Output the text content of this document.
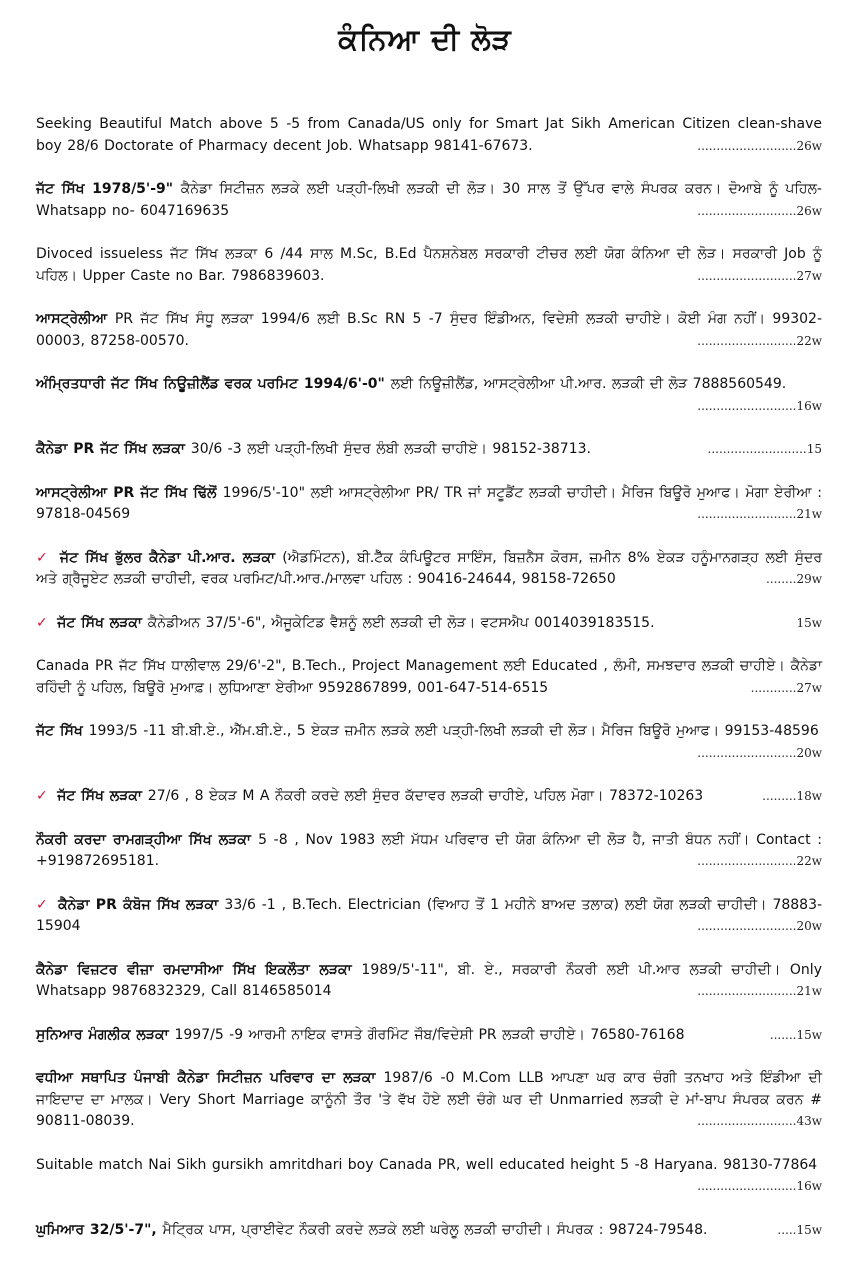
ਕੰਨਿਆ ਦੀ ਲੋੜ
Seeking Beautiful Match above 5 -5 from Canada/US only for Smart Jat Sikh American Citizen clean-shave boy 28/6 Doctorate of Pharmacy decent Job. Whatsapp 98141-67673.	..........................26w
ਜੱਟ ਸਿੱਖ 1978/5'-9" ਕੈਨੇਡਾ ਸਿਟੀਜ਼ਨ ਲੜਕੇ ਲਈ ਪੜ੍ਹੀ-ਲਿਖੀ ਲੜਕੀ ਦੀ ਲੋੜ। 30 ਸਾਲ ਤੋਂ ਉੱਪਰ ਵਾਲੇ ਸੰਪਰਕ ਕਰਨ। ਦੋਆਬੇ ਨੂੰ ਪਹਿਲ- Whatsapp no- 6047169635	..........................26w
Divoced issueless ਜੱਟ ਸਿੱਖ ਲੜਕਾ 6 /44 ਸਾਲ M.Sc, B.Ed ਪੈਨਸ਼ਨੇਬਲ ਸਰਕਾਰੀ ਟੀਚਰ ਲਈ ਯੋਗ ਕੰਨਿਆ ਦੀ ਲੋੜ। ਸਰਕਾਰੀ Job ਨੂੰ ਪਹਿਲ। Upper Caste no Bar. 7986839603.	..........................27w
ਆਸਟ੍ਰੇਲੀਆ PR ਜੱਟ ਸਿੱਖ ਸੰਧੂ ਲੜਕਾ 1994/6 ਲਈ B.Sc RN 5 -7 ਸੁੰਦਰ ਇੰਡੀਅਨ, ਵਿਦੇਸ਼ੀ ਲੜਕੀ ਚਾਹੀਏ। ਕੋਈ ਮੰਗ ਨਹੀਂ। 99302-00003, 87258-00570.	..........................22w
ਅੰਮ੍ਰਿਤਧਾਰੀ ਜੱਟ ਸਿੱਖ ਨਿਊਜ਼ੀਲੈਂਡ ਵਰਕ ਪਰਮਿਟ 1994/6'-0" ਲਈ ਨਿਊਜ਼ੀਲੈਂਡ, ਆਸਟ੍ਰੇਲੀਆ ਪੀ.ਆਰ. ਲੜਕੀ ਦੀ ਲੋੜ 7888560549.
..........................16w
ਕੈਨੇਡਾ PR ਜੱਟ ਸਿੱਖ ਲੜਕਾ 30/6 -3 ਲਈ ਪੜ੍ਹੀ-ਲਿਖੀ ਸੁੰਦਰ ਲੰਬੀ ਲੜਕੀ ਚਾਹੀਏ। 98152-38713.	..........................15
ਆਸਟ੍ਰੇਲੀਆ PR ਜੱਟ ਸਿੱਖ ਢਿੱਲੋਂ 1996/5'-10" ਲਈ ਆਸਟ੍ਰੇਲੀਆ PR/ TR ਜਾਂ ਸਟੂਡੈਂਟ ਲੜਕੀ ਚਾਹੀਦੀ। ਮੈਰਿਜ ਬਿਊਰੋ ਮੁਆਫ। ਮੋਗਾ ਏਰੀਆ : 97818-04569	..........................21w
✓ ਜੱਟ ਸਿੱਖ ਭੁੱਲਰ ਕੈਨੇਡਾ ਪੀ.ਆਰ. ਲੜਕਾ (ਐਡਮਿੰਟਨ), ਬੀ.ਟੈੱਕ ਕੰਪਿਊਟਰ ਸਾਇੰਸ, ਬਿਜ਼ਨੈਸ ਕੋਰਸ, ਜ਼ਮੀਨ 8% ਏਕੜ ਹਨੂੰਮਾਨਗੜ੍ਹ ਲਈ ਸੁੰਦਰ ਅਤੇ ਗ੍ਰੈਜੂਏਟ ਲੜਕੀ ਚਾਹੀਦੀ, ਵਰਕ ਪਰਮਿਟ/ਪੀ.ਆਰ./ਮਾਲਵਾ ਪਹਿਲ : 90416-24644, 98158-72650	........29w
✓ ਜੱਟ ਸਿੱਖ ਲੜਕਾ ਕੈਨੇਡੀਅਨ 37/5'-6", ਐਜੂਕੇਟਿਡ ਵੈਸ਼ਨੂੰ ਲਈ ਲੜਕੀ ਦੀ ਲੋੜ। ਵਟਸਐਪ 0014039183515.	15w
Canada PR ਜੱਟ ਸਿੱਖ ਧਾਲੀਵਾਲ 29/6'-2", B.Tech., Project Management ਲਈ Educated , ਲੰਮੀ, ਸਮਝਦਾਰ ਲੜਕੀ ਚਾਹੀਏ। ਕੈਨੇਡਾ ਰਹਿੰਦੀ ਨੂੰ ਪਹਿਲ, ਬਿਊਰੋ ਮੁਆਫ਼। ਲੁਧਿਆਣਾ ਏਰੀਆ 9592867899, 001-647-514-6515	............27w
ਜੱਟ ਸਿੱਖ 1993/5 -11 ਬੀ.ਬੀ.ਏ., ਐੱਮ.ਬੀ.ਏ., 5 ਏਕੜ ਜ਼ਮੀਨ ਲੜਕੇ ਲਈ ਪੜ੍ਹੀ-ਲਿਖੀ ਲੜਕੀ ਦੀ ਲੋੜ। ਮੈਰਿਜ ਬਿਊਰੋ ਮੁਆਫ। 99153-48596
..........................20w
✓ ਜੱਟ ਸਿੱਖ ਲੜਕਾ 27/6 , 8 ਏਕੜ M A ਨੌਕਰੀ ਕਰਦੇ ਲਈ ਸੁੰਦਰ ਕੱਦਾਵਰ ਲੜਕੀ ਚਾਹੀਏ, ਪਹਿਲ ਮੋਗਾ। 78372-10263	.........18w
ਨੌਕਰੀ ਕਰਦਾ ਰਾਮਗੜ੍ਹੀਆ ਸਿੱਖ ਲੜਕਾ 5 -8 , Nov 1983 ਲਈ ਮੱਧਮ ਪਰਿਵਾਰ ਦੀ ਯੋਗ ਕੰਨਿਆ ਦੀ ਲੋੜ ਹੈ, ਜਾਤੀ ਬੰਧਨ ਨਹੀਂ। Contact : +919872695181.	..........................22w
✓ ਕੈਨੇਡਾ PR ਕੰਬੋਜ ਸਿੱਖ ਲੜਕਾ 33/6 -1 , B.Tech. Electrician (ਵਿਆਹ ਤੋਂ 1 ਮਹੀਨੇ ਬਾਅਦ ਤਲਾਕ) ਲਈ ਯੋਗ ਲੜਕੀ ਚਾਹੀਦੀ। 78883-15904	..........................20w
ਕੈਨੇਡਾ ਵਿਜ਼ਟਰ ਵੀਜ਼ਾ ਰਮਦਾਸੀਆ ਸਿੱਖ ਇਕਲੌਤਾ ਲੜਕਾ 1989/5'-11", ਬੀ. ਏ., ਸਰਕਾਰੀ ਨੌਕਰੀ ਲਈ ਪੀ.ਆਰ ਲੜਕੀ ਚਾਹੀਦੀ। Only Whatsapp 9876832329, Call 8146585014	..........................21w
ਸੁਨਿਆਰ ਮੰਗਲੀਕ ਲੜਕਾ 1997/5 -9 ਆਰਮੀ ਨਾਇਕ ਵਾਸਤੇ ਗੌਰਮਿੰਟ ਜੌਬ/ਵਿਦੇਸ਼ੀ PR ਲੜਕੀ ਚਾਹੀਏ। 76580-76168	.......15w
ਵਧੀਆ ਸਥਾਪਿਤ ਪੰਜਾਬੀ ਕੈਨੇਡਾ ਸਿਟੀਜ਼ਨ ਪਰਿਵਾਰ ਦਾ ਲੜਕਾ 1987/6 -0 M.Com LLB ਆਪਣਾ ਘਰ ਕਾਰ ਚੰਗੀ ਤਨਖਾਹ ਅਤੇ ਇੰਡੀਆ ਦੀ ਜਾਇਦਾਦ ਦਾ ਮਾਲਕ। Very Short Marriage ਕਾਨੂੰਨੀ ਤੌਰ 'ਤੇ ਵੱਖ ਹੋਏ ਲਈ ਚੰਗੇ ਘਰ ਦੀ Unmarried ਲੜਕੀ ਦੇ ਮਾਂ-ਬਾਪ ਸੰਪਰਕ ਕਰਨ # 90811-08039.	..........................43w
Suitable match Nai Sikh gursikh amritdhari boy Canada PR, well educated height 5 -8 Haryana. 98130-77864
..........................16w
ਘੁਮਿਆਰ 32/5'-7", ਮੈਟ੍ਰਿਕ ਪਾਸ, ਪ੍ਰਾਈਵੇਟ ਨੌਕਰੀ ਕਰਦੇ ਲੜਕੇ ਲਈ ਘਰੇਲੂ ਲੜਕੀ ਚਾਹੀਦੀ। ਸੰਪਰਕ : 98724-79548.	.....15w
